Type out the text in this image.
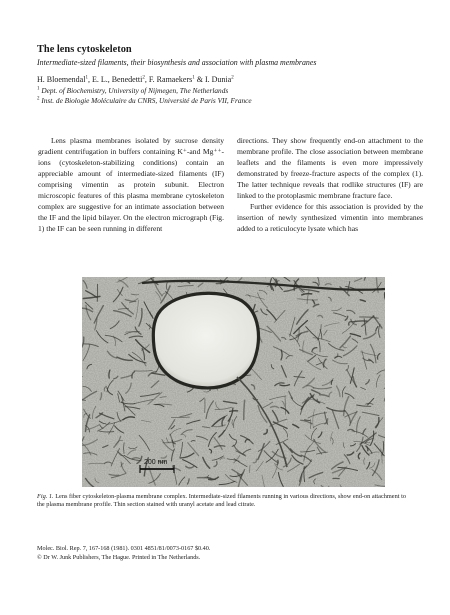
The lens cytoskeleton
Intermediate-sized filaments, their biosynthesis and association with plasma membranes
H. Bloemendal$^1$, E. L., Benedetti$^2$, F. Ramaekers$^1$ & I. Dunia$^2$
$^1$ Dept. of Biochemistry, University of Nijmegen, The Netherlands
$^2$ Inst. de Biologie Moléculaire du CNRS, Université de Paris VII, France

Lens plasma membranes isolated by sucrose density gradient centrifugation in buffers containing K⁺-and Mg⁺⁺-ions (cytoskeleton-stabilizing conditions) contain an appreciable amount of intermediate-sized filaments (IF) comprising vimentin as protein subunit. Electron microscopic features of this plasma membrane cytoskeleton complex are suggestive for an intimate association between the IF and the lipid bilayer. On the electron micrograph (Fig. 1) the IF can be seen running in different

directions. They show frequently end-on attachment to the membrane profile. The close association between membrane leaflets and the filaments is even more impressively demonstrated by freeze-fracture aspects of the complex (1). The latter technique reveals that rodlike structures (IF) are linked to the protoplasmic membrane fracture face.

Further evidence for this association is provided by the insertion of newly synthesized vimentin into membranes added to a reticulocyte lysate which has

200 nm
Fig. 1. Lens fiber cytoskeleton-plasma membrane complex. Intermediate-sized filaments running in various directions, show end-on attachment to the plasma membrane profile. Thin section stained with uranyl acetate and lead citrate.
Molec. Biol. Rep. 7, 167-168 (1981). 0301 4851/81/0073-0167 $0.40.
© Dr W. Junk Publishers, The Hague. Printed in The Netherlands.
